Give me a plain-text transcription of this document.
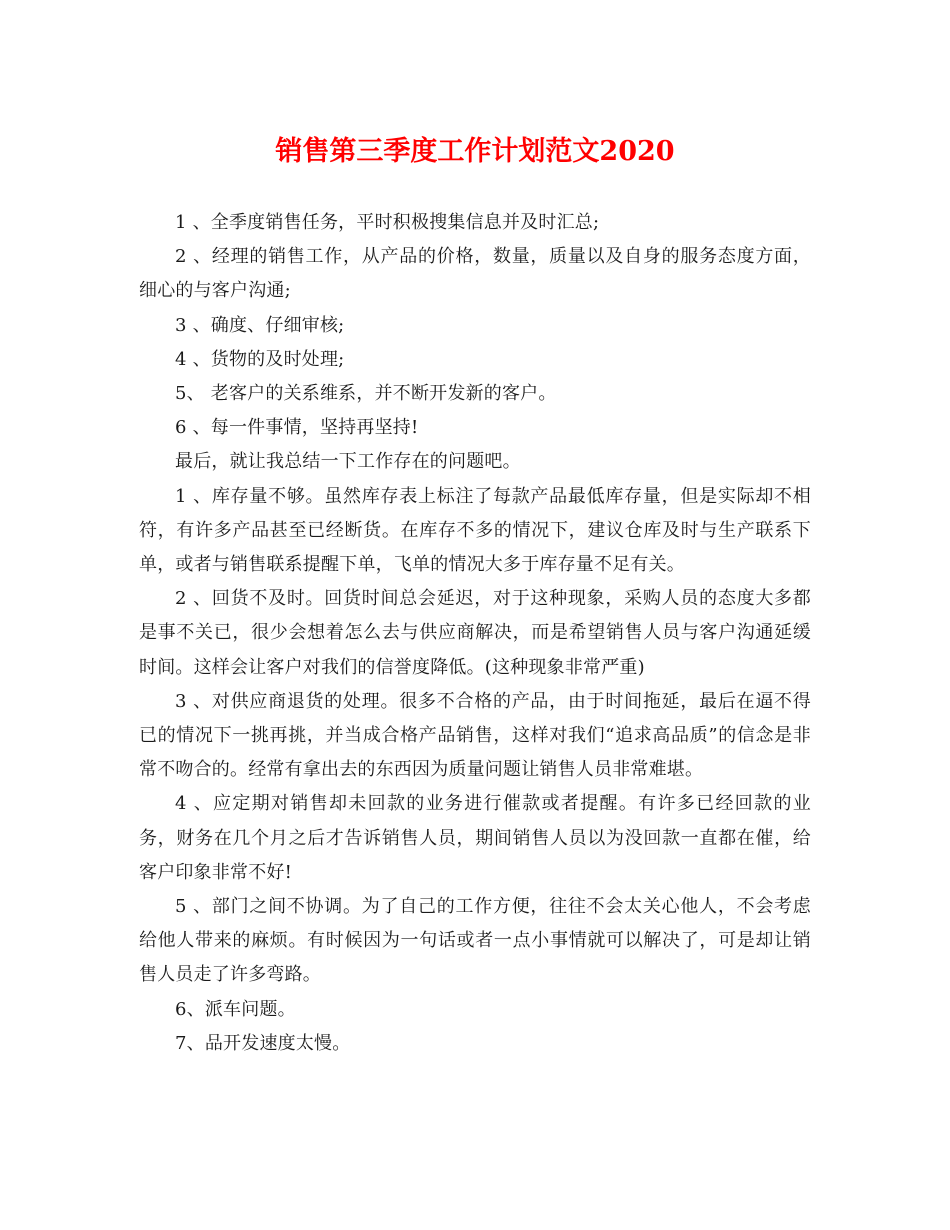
销售第三季度工作计划范文2020

1 、全季度销售任务，平时积极搜集信息并及时汇总;

2 、经理的销售工作，从产品的价格，数量，质量以及自身的服务态度方面，细心的与客户沟通;

3 、确度、仔细审核;

4 、货物的及时处理;

5、 老客户的关系维系，并不断开发新的客户。

6 、每一件事情，坚持再坚持!

最后，就让我总结一下工作存在的问题吧。

1 、库存量不够。虽然库存表上标注了每款产品最低库存量，但是实际却不相符，有许多产品甚至已经断货。在库存不多的情况下，建议仓库及时与生产联系下单，或者与销售联系提醒下单，飞单的情况大多于库存量不足有关。

2 、回货不及时。回货时间总会延迟，对于这种现象，采购人员的态度大多都是事不关已，很少会想着怎么去与供应商解决，而是希望销售人员与客户沟通延缓时间。这样会让客户对我们的信誉度降低。(这种现象非常严重)

3 、对供应商退货的处理。很多不合格的产品，由于时间拖延，最后在逼不得已的情况下一挑再挑，并当成合格产品销售，这样对我们“追求高品质”的信念是非常不吻合的。经常有拿出去的东西因为质量问题让销售人员非常难堪。

4 、应定期对销售却未回款的业务进行催款或者提醒。有许多已经回款的业务，财务在几个月之后才告诉销售人员，期间销售人员以为没回款一直都在催，给客户印象非常不好!

5 、部门之间不协调。为了自己的工作方便，往往不会太关心他人，不会考虑给他人带来的麻烦。有时候因为一句话或者一点小事情就可以解决了，可是却让销售人员走了许多弯路。

6、派车问题。

7、品开发速度太慢。
